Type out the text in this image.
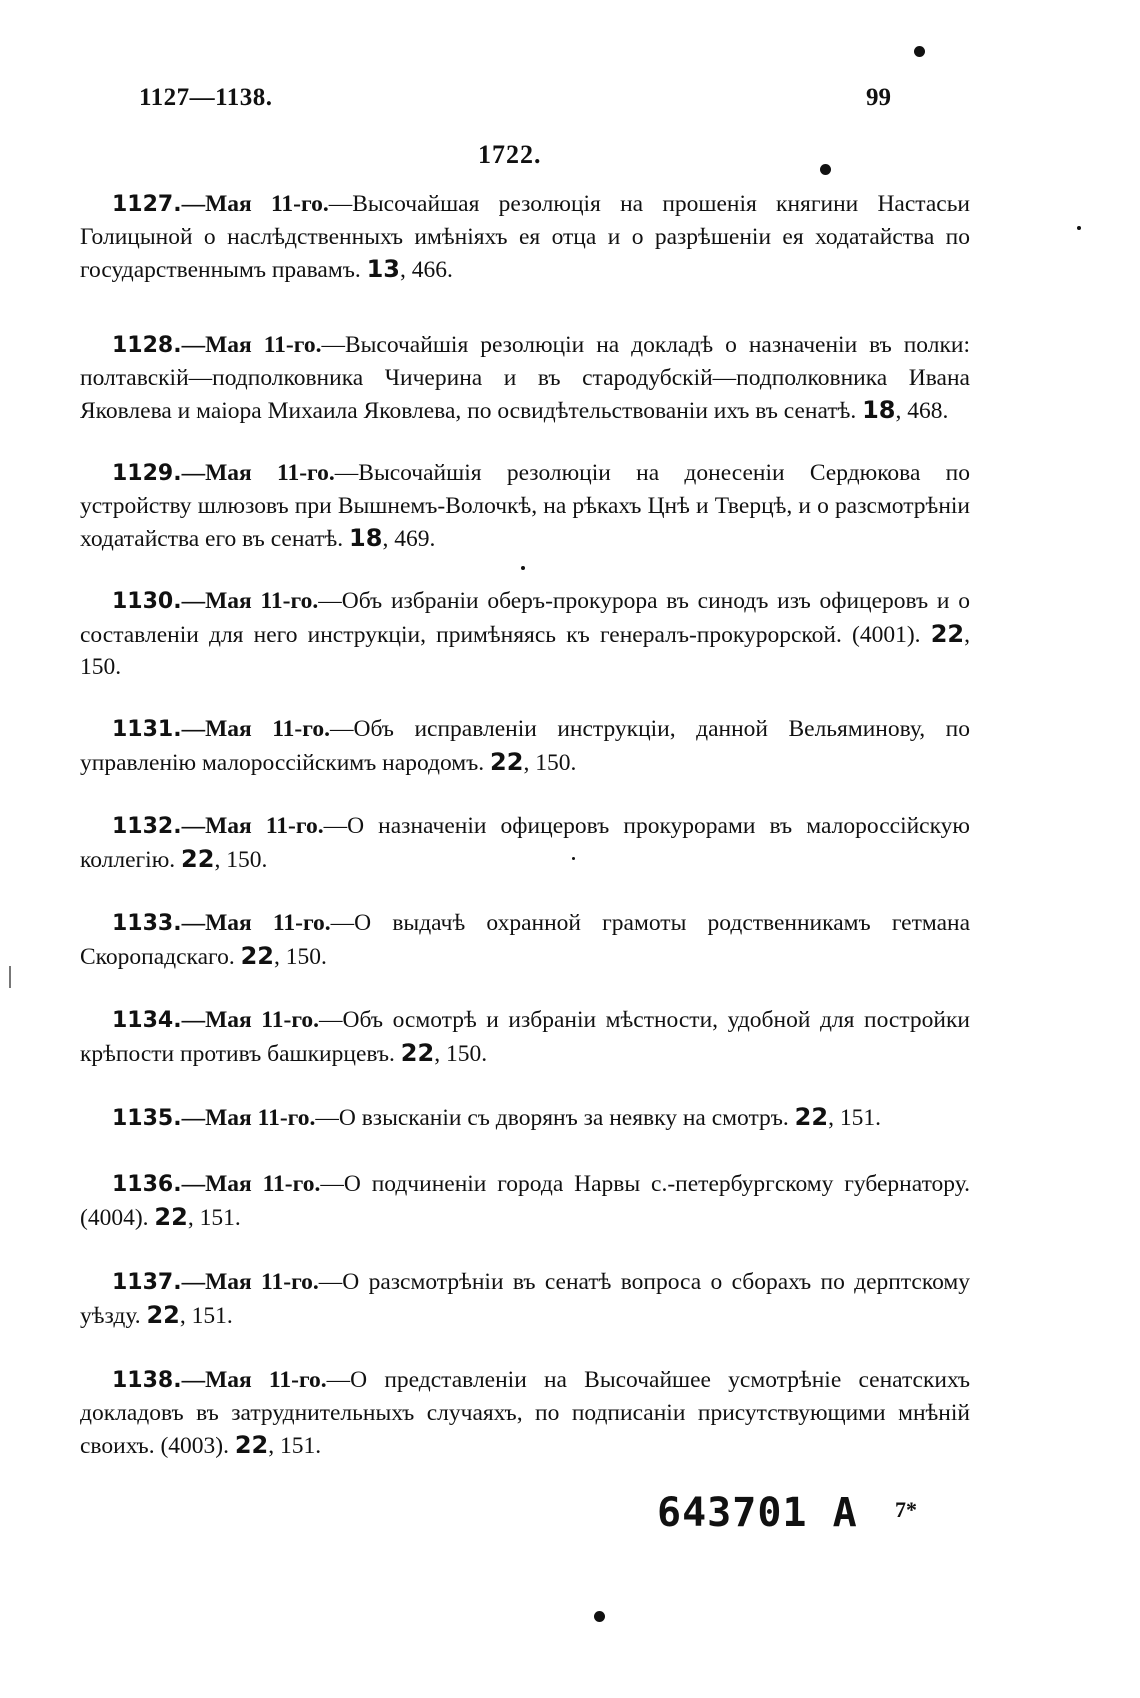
1127—1138.	99
1722.

1127.—Мая 11-го.—Высочайшая резолюція на прошенія княгини Настасьи Голицыной о наслѣдственныхъ имѣніяхъ ея отца и о разрѣшеніи ея ходатайства по государственнымъ правамъ. 13, 466.

1128.—Мая 11-го.—Высочайшія резолюціи на докладѣ о назначеніи въ полки: полтавскій—подполковника Чичерина и въ стародубскій—подполковника Ивана Яковлева и маіора Михаила Яковлева, по освидѣтельствованіи ихъ въ сенатѣ. 18, 468.

1129.—Мая 11-го.—Высочайшія резолюціи на донесеніи Сердюкова по устройству шлюзовъ при Вышнемъ-Волочкѣ, на рѣкахъ Цнѣ и Тверцѣ, и о разсмотрѣніи ходатайства его въ сенатѣ. 18, 469.

1130.—Мая 11-го.—Объ избраніи оберъ-прокурора въ синодъ изъ офицеровъ и о составленіи для него инструкціи, примѣняясь къ генералъ-прокурорской. (4001). 22, 150.

1131.—Мая 11-го.—Объ исправленіи инструкціи, данной Вельяминову, по управленію малороссійскимъ народомъ. 22, 150.

1132.—Мая 11-го.—О назначеніи офицеровъ прокурорами въ малороссійскую коллегію. 22, 150.

1133.—Мая 11-го.—О выдачѣ охранной грамоты родственникамъ гетмана Скоропадскаго. 22, 150.

1134.—Мая 11-го.—Объ осмотрѣ и избраніи мѣстности, удобной для постройки крѣпости противъ башкирцевъ. 22, 150.

1135.—Мая 11-го.—О взысканіи съ дворянъ за неявку на смотръ. 22, 151.

1136.—Мая 11-го.—О подчиненіи города Нарвы с.-петербургскому губернатору. (4004). 22, 151.

1137.—Мая 11-го.—О разсмотрѣніи въ сенатѣ вопроса о сборахъ по дерптскому уѣзду. 22, 151.

1138.—Мая 11-го.—О представленіи на Высочайшее усмотрѣніе сенатскихъ докладовъ въ затруднительныхъ случаяхъ, по подписаніи присутствующими мнѣній своихъ. (4003). 22, 151.

643701 A 7*
